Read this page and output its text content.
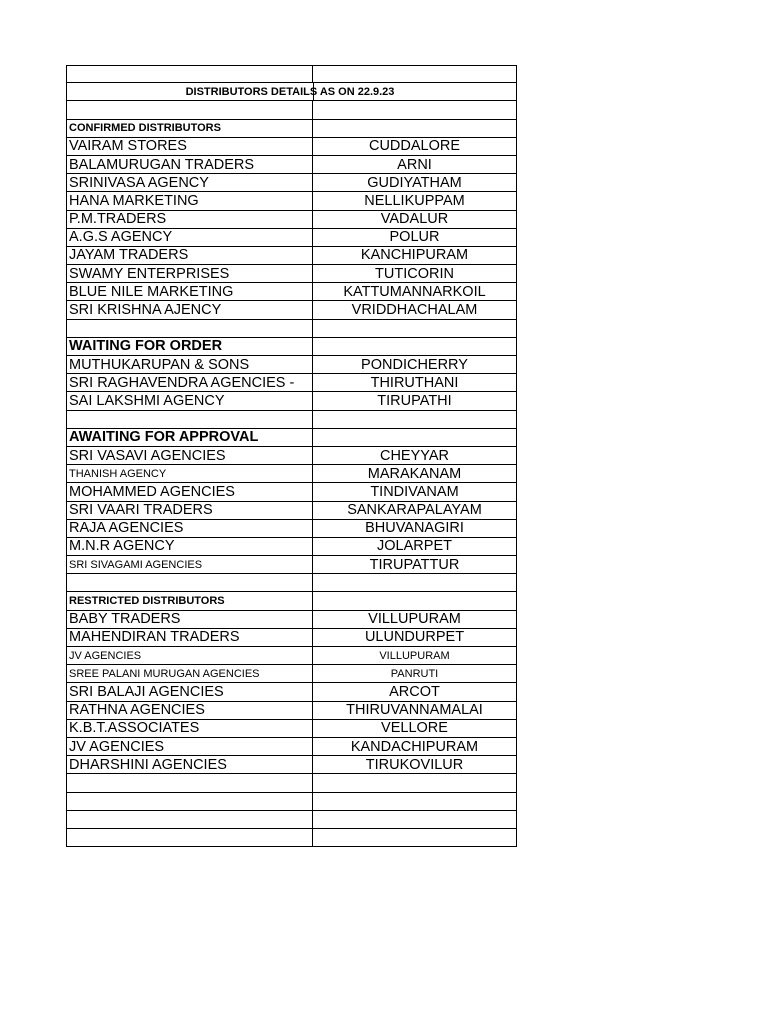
DISTRIBUTORS DETAILS AS ON 22.9.23
CONFIRMED DISTRIBUTORS
VAIRAM STORES	CUDDALORE
BALAMURUGAN TRADERS	ARNI
SRINIVASA AGENCY	GUDIYATHAM
HANA MARKETING	NELLIKUPPAM
P.M.TRADERS	VADALUR
A.G.S AGENCY	POLUR
JAYAM TRADERS	KANCHIPURAM
SWAMY ENTERPRISES	TUTICORIN
BLUE NILE MARKETING	KATTUMANNARKOIL
SRI KRISHNA AJENCY	VRIDDHACHALAM
WAITING FOR ORDER
MUTHUKARUPAN & SONS	PONDICHERRY
SRI RAGHAVENDRA AGENCIES -	THIRUTHANI
SAI LAKSHMI AGENCY	TIRUPATHI
AWAITING FOR APPROVAL
SRI VASAVI AGENCIES	CHEYYAR
THANISH AGENCY	MARAKANAM
MOHAMMED AGENCIES	TINDIVANAM
SRI VAARI TRADERS	SANKARAPALAYAM
RAJA AGENCIES	BHUVANAGIRI
M.N.R AGENCY	JOLARPET
SRI SIVAGAMI AGENCIES	TIRUPATTUR
RESTRICTED DISTRIBUTORS
BABY TRADERS	VILLUPURAM
MAHENDIRAN TRADERS	ULUNDURPET
JV AGENCIES	VILLUPURAM
SREE PALANI MURUGAN AGENCIES	PANRUTI
SRI BALAJI AGENCIES	ARCOT
RATHNA AGENCIES	THIRUVANNAMALAI
K.B.T.ASSOCIATES	VELLORE
JV AGENCIES	KANDACHIPURAM
DHARSHINI AGENCIES	TIRUKOVILUR
